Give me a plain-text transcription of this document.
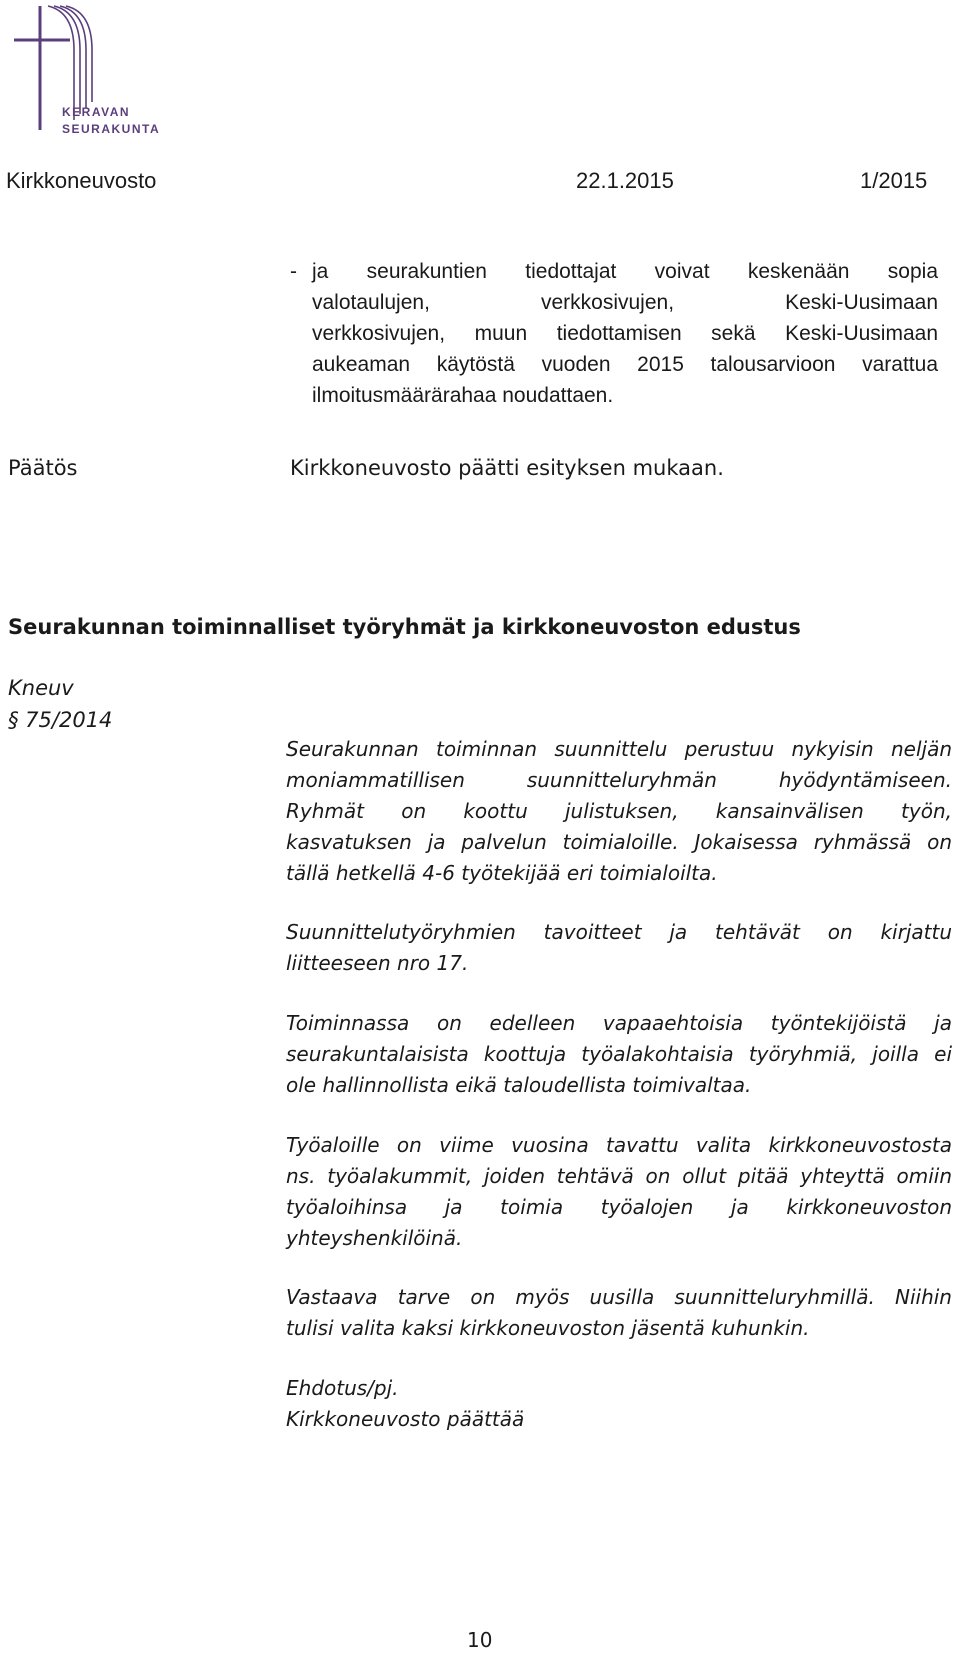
KERAVAN
SEURAKUNTA
Kirkkoneuvosto	22.1.2015	1/2015
- ja seurakuntien tiedottajat voivat keskenään sopia
valotaulujen, verkkosivujen, Keski-Uusimaan
verkkosivujen, muun tiedottamisen sekä Keski-Uusimaan
aukeaman käytöstä vuoden 2015 talousarvioon varattua
ilmoitusmäärärahaa noudattaen.
Päätös	Kirkkoneuvosto päätti esityksen mukaan.
Seurakunnan toiminnalliset työryhmät ja kirkkoneuvoston edustus
Kneuv
§ 75/2014
Seurakunnan toiminnan suunnittelu perustuu nykyisin neljän
moniammatillisen suunnitteluryhmän hyödyntämiseen.
Ryhmät on koottu julistuksen, kansainvälisen työn,
kasvatuksen ja palvelun toimialoille. Jokaisessa ryhmässä on
tällä hetkellä 4-6 työtekijää eri toimialoilta.
Suunnittelutyöryhmien tavoitteet ja tehtävät on kirjattu
liitteeseen nro 17.
Toiminnassa on edelleen vapaaehtoisia työntekijöistä ja
seurakuntalaisista koottuja työalakohtaisia työryhmiä, joilla ei
ole hallinnollista eikä taloudellista toimivaltaa.
Työaloille on viime vuosina tavattu valita kirkkoneuvostosta
ns. työalakummit, joiden tehtävä on ollut pitää yhteyttä omiin
työaloihinsa ja toimia työalojen ja kirkkoneuvoston
yhteyshenkilöinä.
Vastaava tarve on myös uusilla suunnitteluryhmillä. Niihin
tulisi valita kaksi kirkkoneuvoston jäsentä kuhunkin.
Ehdotus/pj.
Kirkkoneuvosto päättää
10
